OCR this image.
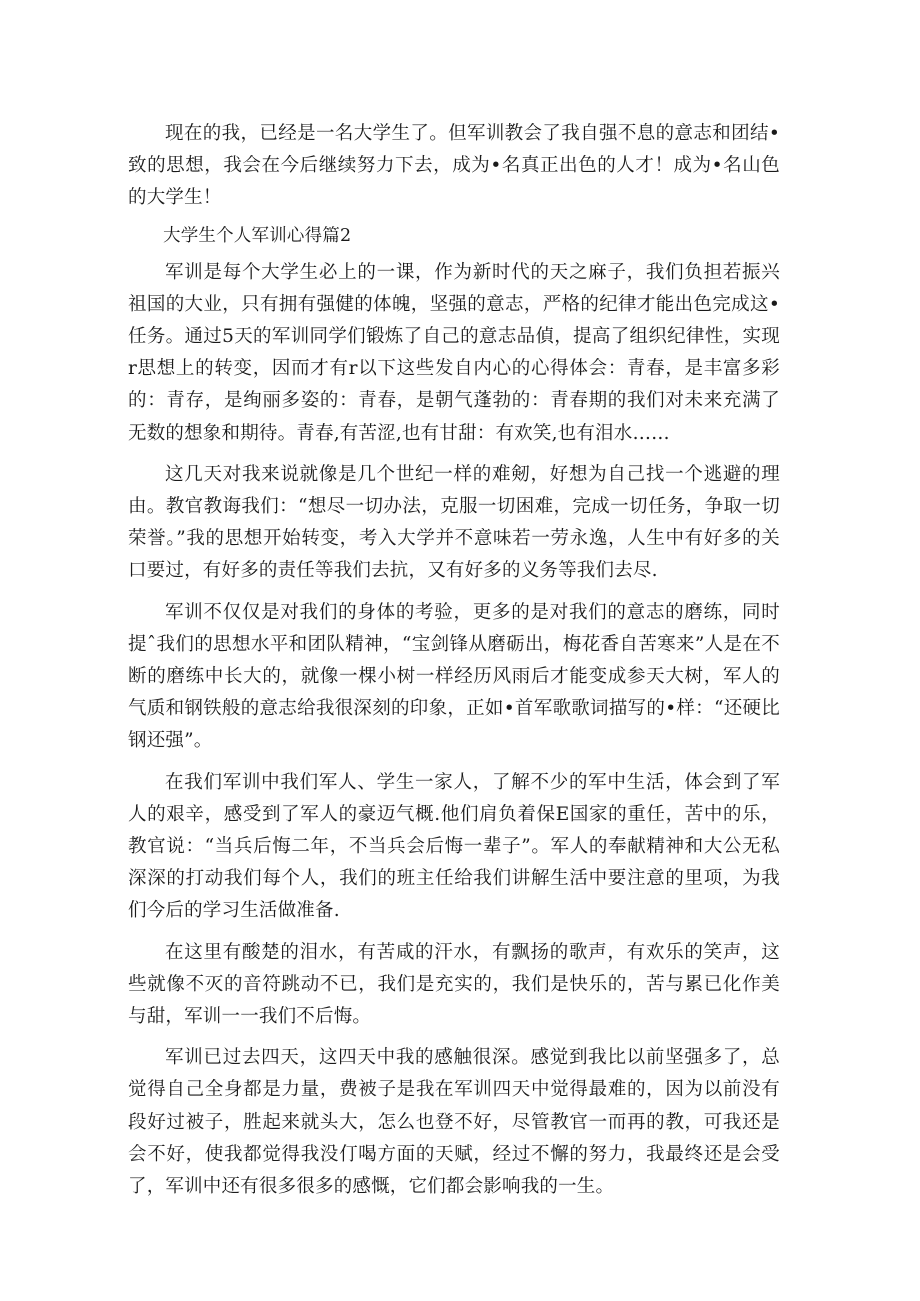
现在的我，已经是一名大学生了。但军训教会了我自强不息的意志和团结•致的思想，我会在今后继续努力下去，成为•名真正出色的人才！成为•名山色的大学生！

大学生个人军训心得篇2

军训是每个大学生必上的一课，作为新时代的天之麻子，我们负担若振兴祖国的大业，只有拥有强健的体魄，坚强的意志，严格的纪律才能出色完成这•任务。通过5天的军训同学们锻炼了自己的意志品偵，提高了组织纪律性，实现r思想上的转变，因而才有r以下这些发自内心的心得体会：青春，是丰富多彩的：青存，是绚丽多姿的：青春，是朝气蓬勃的：青春期的我们对未来充满了无数的想象和期待。青春,有苦涩,也有甘甜：有欢笑,也有泪水……

这几天对我来说就像是几个世纪一样的难剱，好想为自己找一个逃避的理由。教官教诲我们：“想尽一切办法，克服一切困难，完成一切任务，争取一切荣誉。”我的思想开始转变，考入大学并不意味若一劳永逸，人生中有好多的关口要过，有好多的责任等我们去抗，又有好多的义务等我们去尽.

军训不仅仅是对我们的身体的考验，更多的是对我们的意志的磨练，同时提ˆ我们的思想水平和团队精神，“宝剑锋从磨砺出，梅花香自苦寒来”人是在不断的磨练中长大的，就像一棵小树一样经历风雨后才能变成参天大树，军人的气质和钢铁般的意志给我很深刻的印象，正如•首军歌歌词描写的•样：“还硬比钢还强”。

在我们军训中我们军人、学生一家人，了解不少的军中生活，体会到了军人的艰辛，感受到了军人的豪迈气概.他们肩负着保E国家的重任，苦中的乐，教官说：“当兵后悔二年，不当兵会后悔一辈子”。军人的奉献精神和大公无私深深的打动我们每个人，我们的班主任给我们讲解生活中要注意的里项，为我们今后的学习生活做准备.

在这里有酸楚的泪水，有苦咸的汗水，有飘扬的歌声，有欢乐的笑声，这些就像不灭的音符跳动不已，我们是充实的，我们是快乐的，苦与累已化作美与甜，军训一一我们不后悔。

军训已过去四天，这四天中我的感触很深。感觉到我比以前坚强多了，总觉得自己全身都是力量，费被子是我在军训四天中觉得最难的，因为以前没有段好过被子，胜起来就头大，怎么也登不好，尽管教官一而再的教，可我还是会不好，使我都觉得我没仃喝方面的天赋，经过不懈的努力，我最终还是会受了，军训中还有很多很多的感慨，它们都会影响我的一生。
